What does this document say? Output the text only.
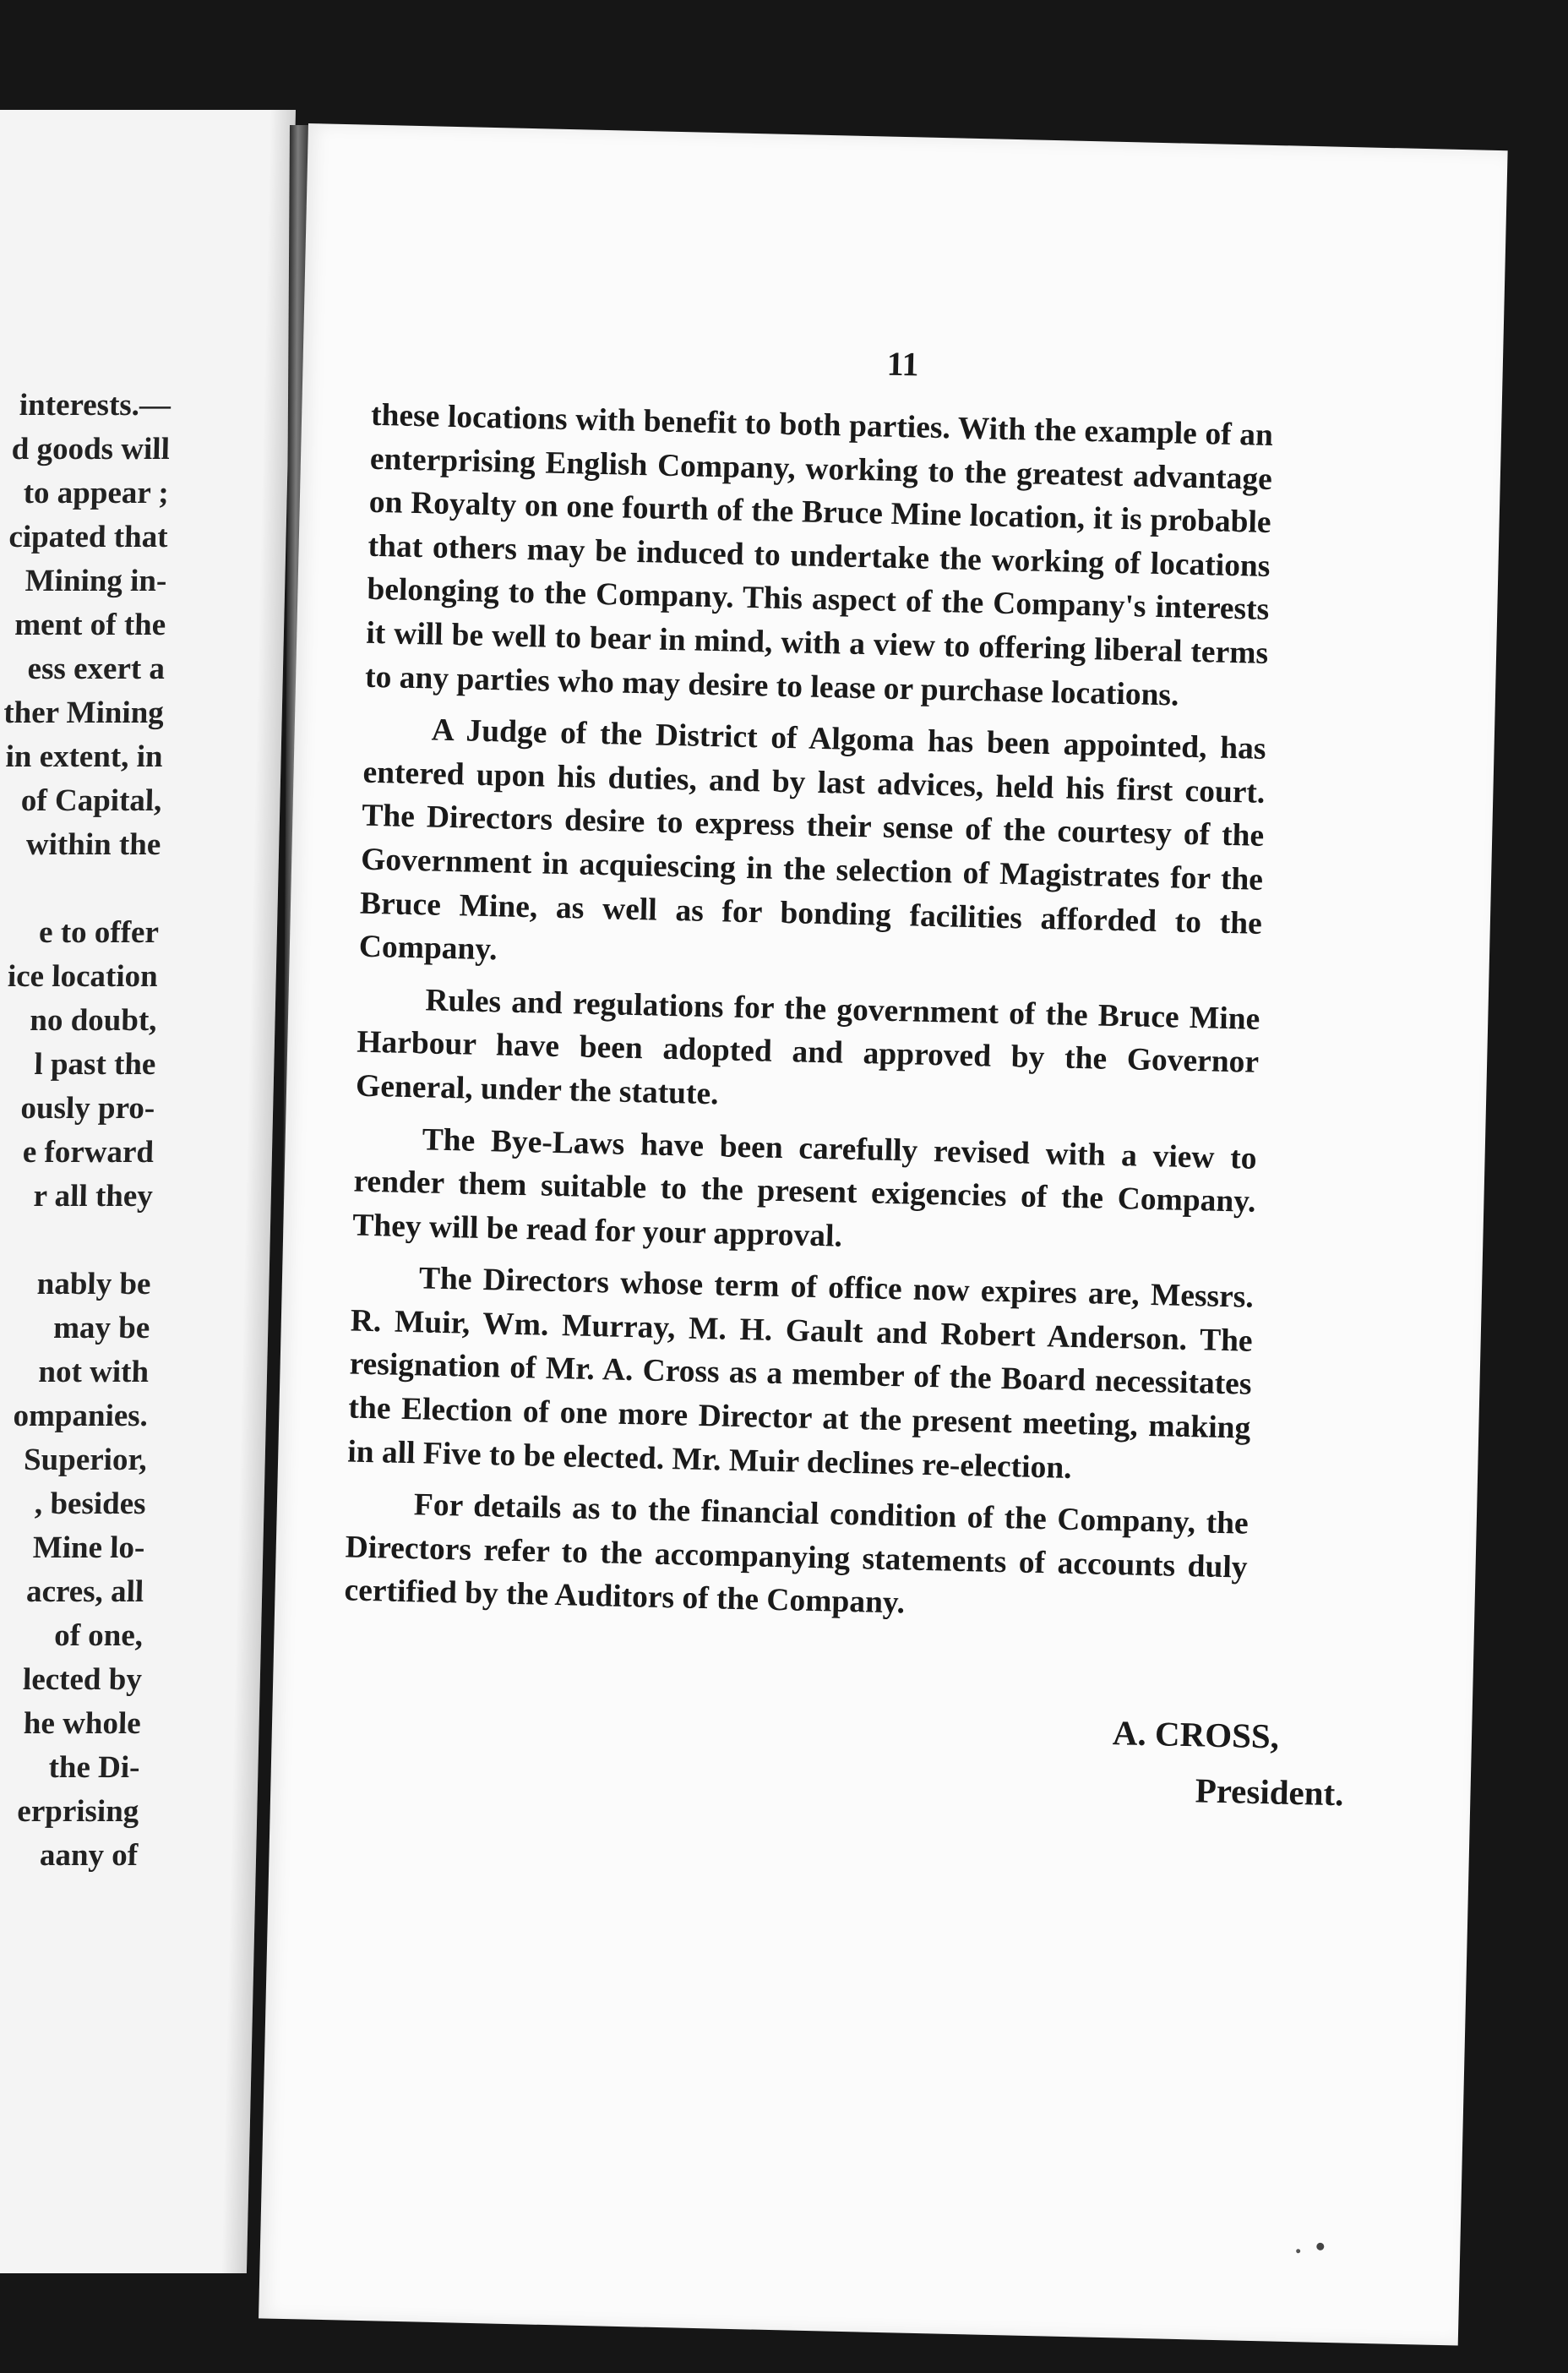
interests.—
d goods will
to appear ;
cipated that
Mining in-
ment of the
ess exert a
ther Mining
in extent, in
of Capital,
within the
e to offer
ice location
no doubt,
l past the
ously pro-
e forward
r all they
nably be
may be
not with
ompanies.
Superior,
, besides
Mine lo-
acres, all
of one,
lected by
he whole
the Di-
erprising
aany of
11

these locations with benefit to both parties. With the example of an enterprising English Company, working to the greatest advantage on Royalty on one fourth of the Bruce Mine location, it is probable that others may be induced to undertake the working of locations belonging to the Company. This aspect of the Company's interests it will be well to bear in mind, with a view to offering liberal terms to any parties who may desire to lease or purchase locations.

A Judge of the District of Algoma has been appointed, has entered upon his duties, and by last advices, held his first court. The Directors desire to express their sense of the courtesy of the Government in acquiescing in the selection of Magistrates for the Bruce Mine, as well as for bonding facilities afforded to the Company.

Rules and regulations for the government of the Bruce Mine Harbour have been adopted and approved by the Governor General, under the statute.

The Bye-Laws have been carefully revised with a view to render them suitable to the present exigencies of the Company. They will be read for your approval.

The Directors whose term of office now expires are, Messrs. R. Muir, Wm. Murray, M. H. Gault and Robert Anderson. The resignation of Mr. A. Cross as a member of the Board necessitates the Election of one more Director at the present meeting, making in all Five to be elected. Mr. Muir declines re-election.

For details as to the financial condition of the Company, the Directors refer to the accompanying statements of accounts duly certified by the Auditors of the Company.

A. CROSS,
President.
